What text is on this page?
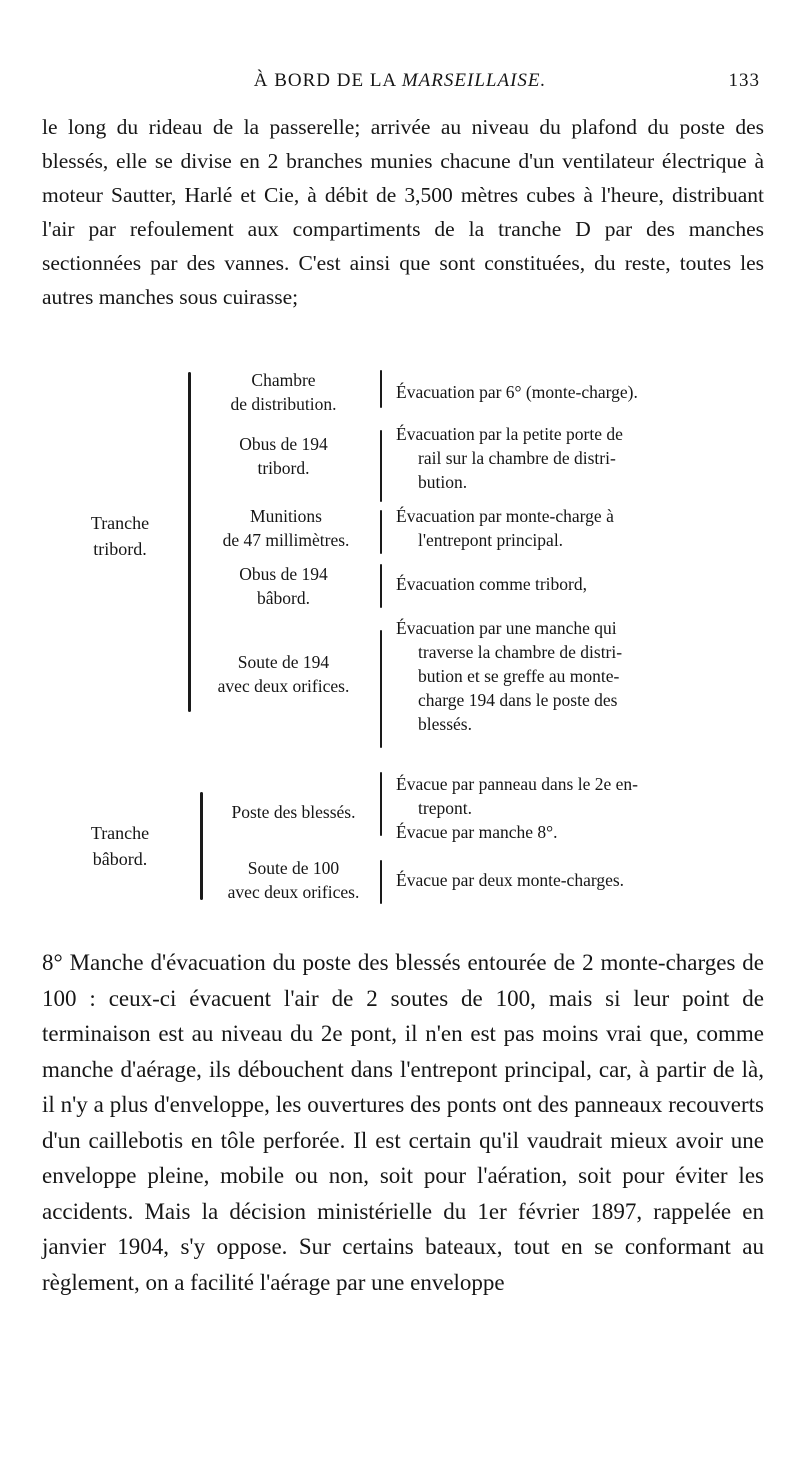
À BORD DE LA MARSEILLAISE.	133
le long du rideau de la passerelle; arrivée au niveau du plafond du poste des blessés, elle se divise en 2 branches munies chacune d'un ventilateur électrique à moteur Sautter, Harlé et Cie, à débit de 3,500 mètres cubes à l'heure, distribuant l'air par refoulement aux compartiments de la tranche D par des manches sectionnées par des vannes. C'est ainsi que sont constituées, du reste, toutes les autres manches sous cuirasse;
Tranche
tribord.
Chambre
de distribution.
Évacuation par 6° (monte-charge).
Obus de 194
tribord.
Évacuation par la petite porte de
rail sur la chambre de distri-
bution.
Munitions
de 47 millimètres.
Évacuation par monte-charge à
l'entrepont principal.
Obus de 194
bâbord.
Évacuation comme tribord,
Soute de 194
avec deux orifices.
Évacuation par une manche qui
traverse la chambre de distri-
bution et se greffe au monte-
charge 194 dans le poste des
blessés.
Tranche
bâbord.
Poste des blessés.
Évacue par panneau dans le 2e en-
trepont.
Évacue par manche 8°.
Soute de 100
avec deux orifices.
Évacue par deux monte-charges.
8° Manche d'évacuation du poste des blessés entourée de 2 monte-charges de 100 : ceux-ci évacuent l'air de 2 soutes de 100, mais si leur point de terminaison est au niveau du 2e pont, il n'en est pas moins vrai que, comme manche d'aérage, ils débouchent dans l'entrepont principal, car, à partir de là, il n'y a plus d'enveloppe, les ouvertures des ponts ont des panneaux recouverts d'un caillebotis en tôle perforée. Il est certain qu'il vaudrait mieux avoir une enveloppe pleine, mobile ou non, soit pour l'aération, soit pour éviter les accidents. Mais la décision ministérielle du 1er février 1897, rappelée en janvier 1904, s'y oppose. Sur certains bateaux, tout en se conformant au règlement, on a facilité l'aérage par une enveloppe
